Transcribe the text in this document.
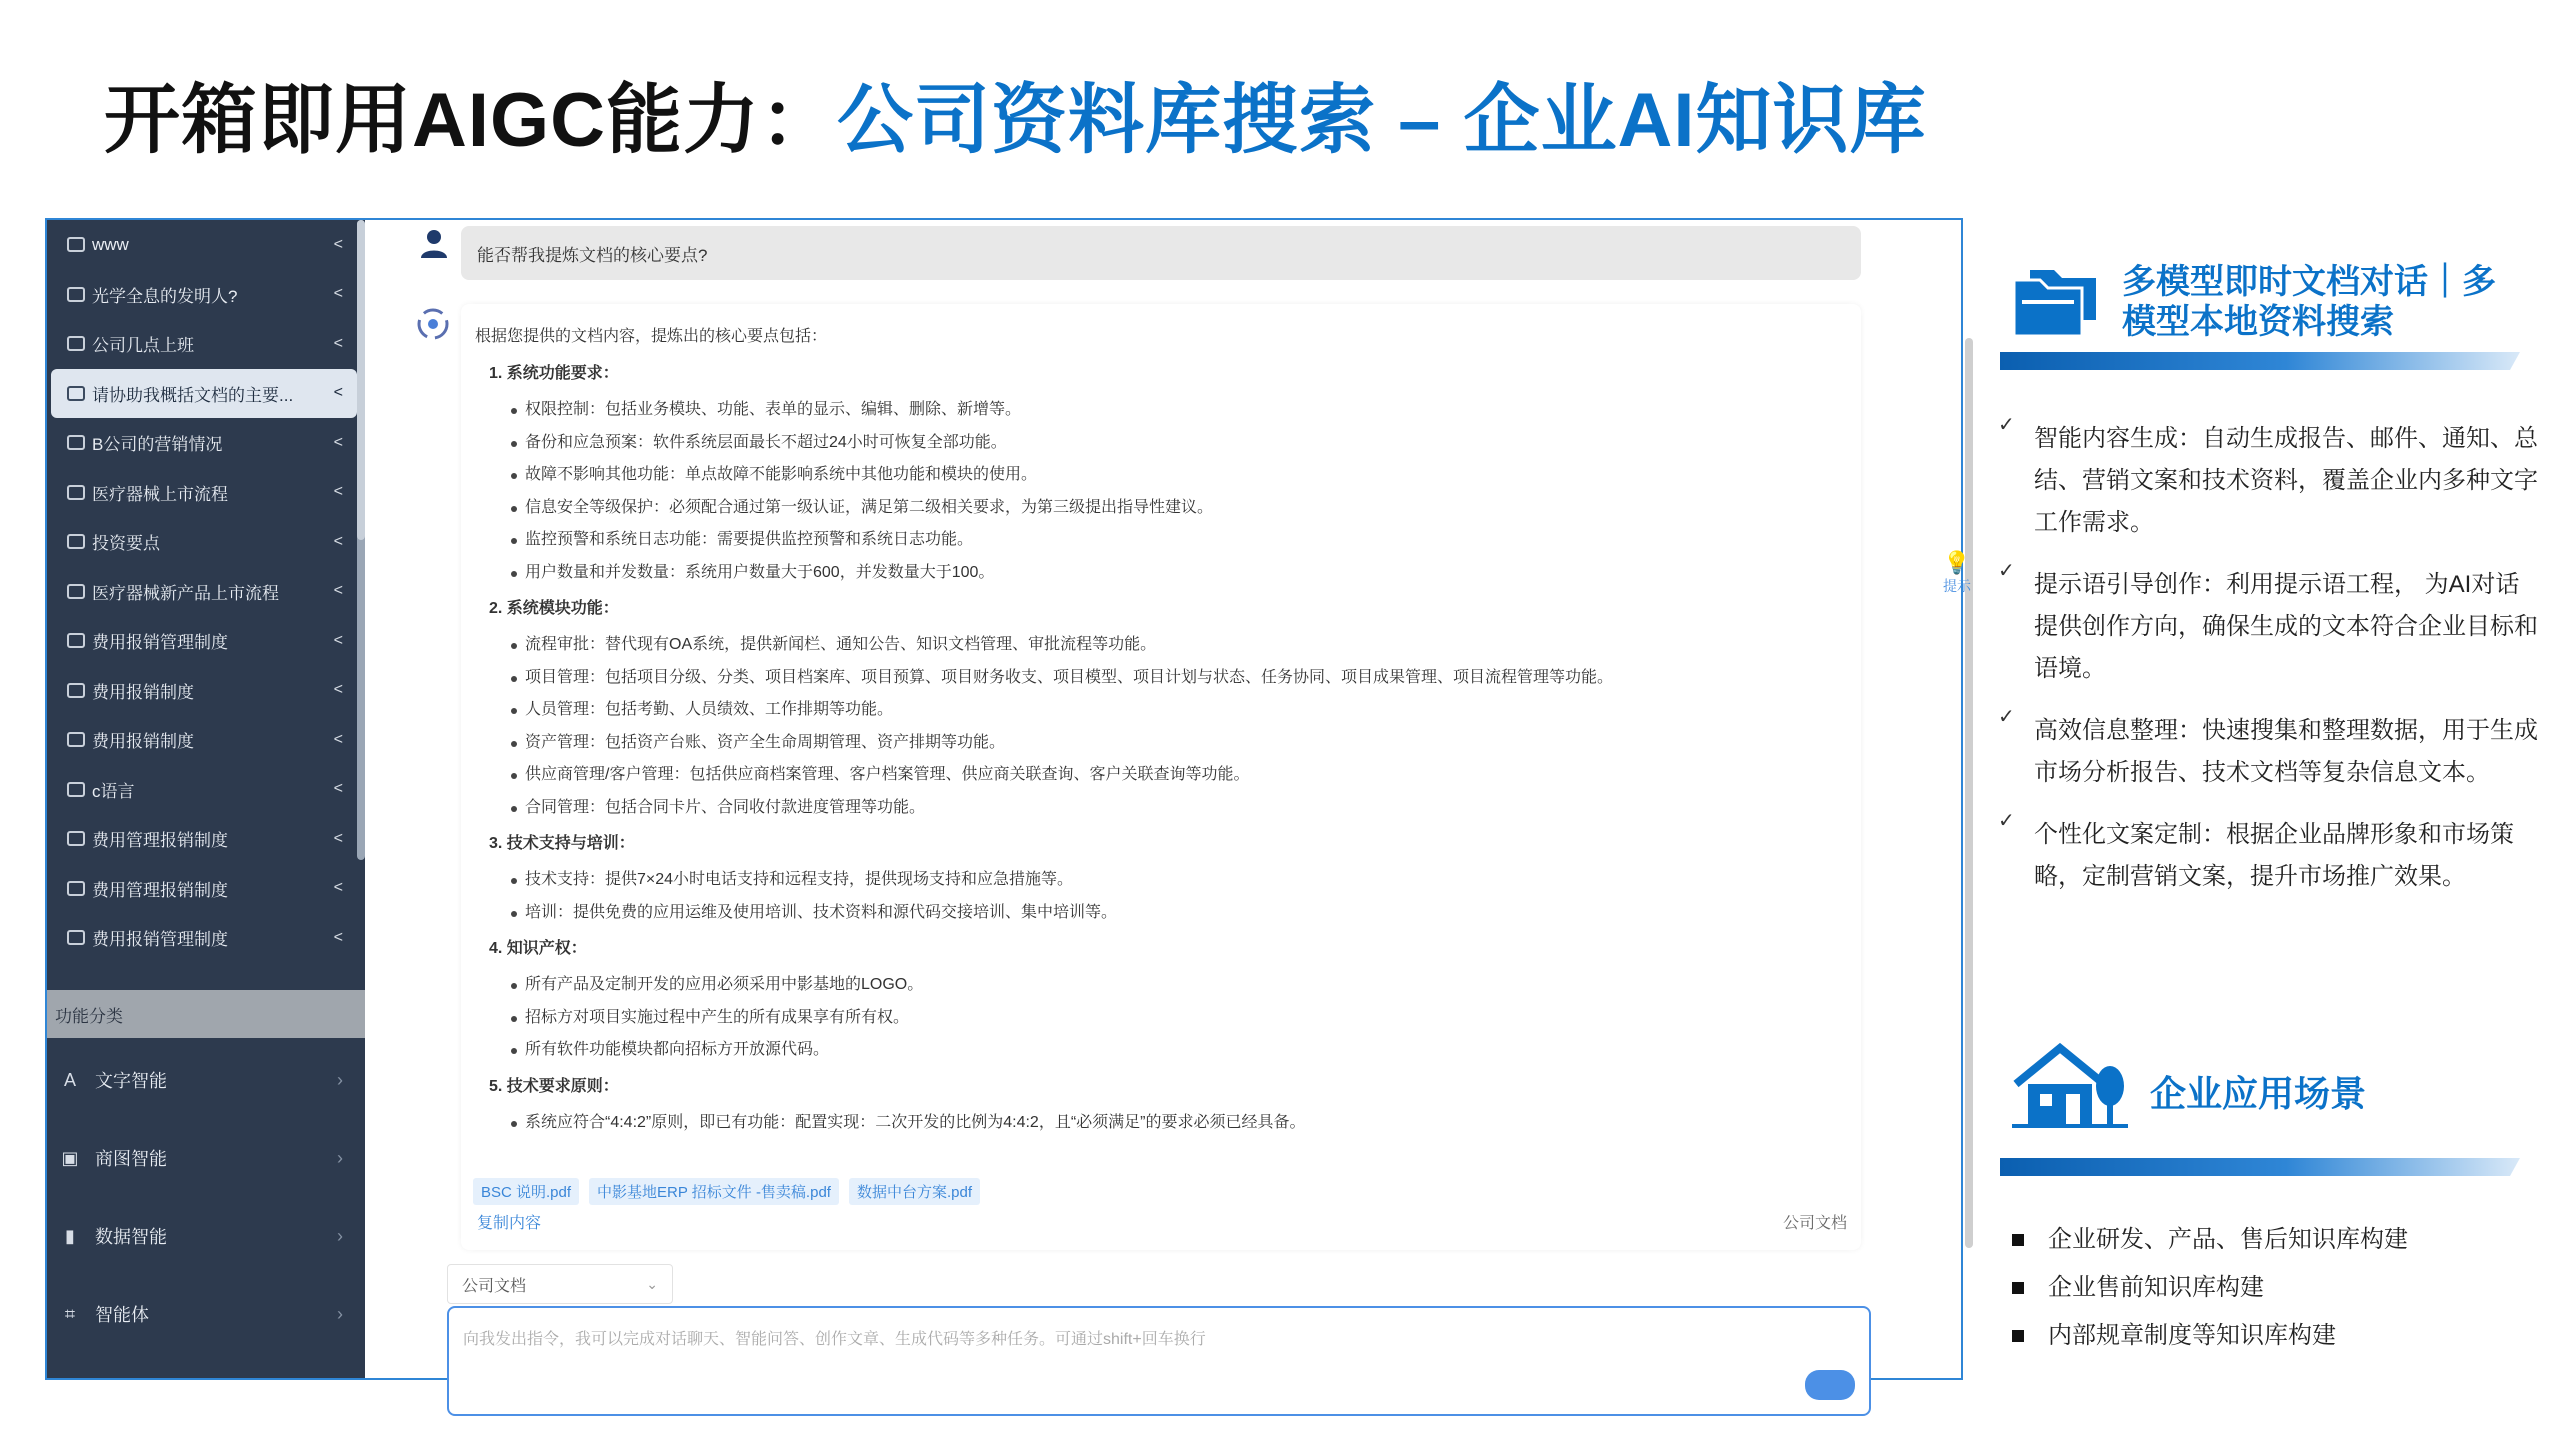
开箱即用AIGC能力： 公司资料库搜索 – 企业AI知识库
www	<
光学全息的发明人?	<
公司几点上班	<
请协助我概括文档的主要...	<
B公司的营销情况	<
医疗器械上市流程	<
投资要点	<
医疗器械新产品上市流程	<
费用报销管理制度	<
费用报销制度	<
费用报销制度	<
c语言	<
费用管理报销制度	<
费用管理报销制度	<
费用报销管理制度	<
功能分类
A 文字智能	›
▣ 商图智能	›
▮	数据智能	›
⌗	智能体	›
能否帮我提炼文档的核心要点?
根据您提供的文档内容，提炼出的核心要点包括：
1. 系统功能要求：
权限控制：包括业务模块、功能、表单的显示、编辑、删除、新增等。
备份和应急预案：软件系统层面最长不超过24小时可恢复全部功能。
故障不影响其他功能：单点故障不能影响系统中其他功能和模块的使用。
信息安全等级保护：必须配合通过第一级认证，满足第二级相关要求，为第三级提出指导性建议。
监控预警和系统日志功能：需要提供监控预警和系统日志功能。
用户数量和并发数量：系统用户数量大于600，并发数量大于100。
2. 系统模块功能：
流程审批：替代现有OA系统，提供新闻栏、通知公告、知识文档管理、审批流程等功能。
项目管理：包括项目分级、分类、项目档案库、项目预算、项目财务收支、项目模型、项目计划与状态、任务协同、项目成果管理、项目流程管理等功能。
人员管理：包括考勤、人员绩效、工作排期等功能。
资产管理：包括资产台账、资产全生命周期管理、资产排期等功能。
供应商管理/客户管理：包括供应商档案管理、客户档案管理、供应商关联查询、客户关联查询等功能。
合同管理：包括合同卡片、合同收付款进度管理等功能。
3. 技术支持与培训：
技术支持：提供7×24小时电话支持和远程支持，提供现场支持和应急措施等。
培训：提供免费的应用运维及使用培训、技术资料和源代码交接培训、集中培训等。
4. 知识产权：
所有产品及定制开发的应用必须采用中影基地的LOGO。
招标方对项目实施过程中产生的所有成果享有所有权。
所有软件功能模块都向招标方开放源代码。
5. 技术要求原则：
系统应符合“4:4:2”原则，即已有功能：配置实现：二次开发的比例为4:4:2，且“必须满足”的要求必须已经具备。
BSC 说明.pdf	中影基地ERP 招标文件 -售卖稿.pdf	数据中台方案.pdf
复制内容	公司文档
💡
提示
公司文档	⌄
向我发出指令，我可以完成对话聊天、智能问答、创作文章、生成代码等多种任务。可通过shift+回车换行
多模型即时文档对话｜多模型本地资料搜索
✓ 智能内容生成：自动生成报告、邮件、通知、总结、营销文案和技术资料，覆盖企业内多种文字工作需求。
✓ 提示语引导创作：利用提示语工程， 为AI对话提供创作方向，确保生成的文本符合企业目标和语境。
✓ 高效信息整理：快速搜集和整理数据，用于生成市场分析报告、技术文档等复杂信息文本。
✓ 个性化文案定制：根据企业品牌形象和市场策略，定制营销文案，提升市场推广效果。
企业应用场景
企业研发、产品、售后知识库构建
企业售前知识库构建
内部规章制度等知识库构建
